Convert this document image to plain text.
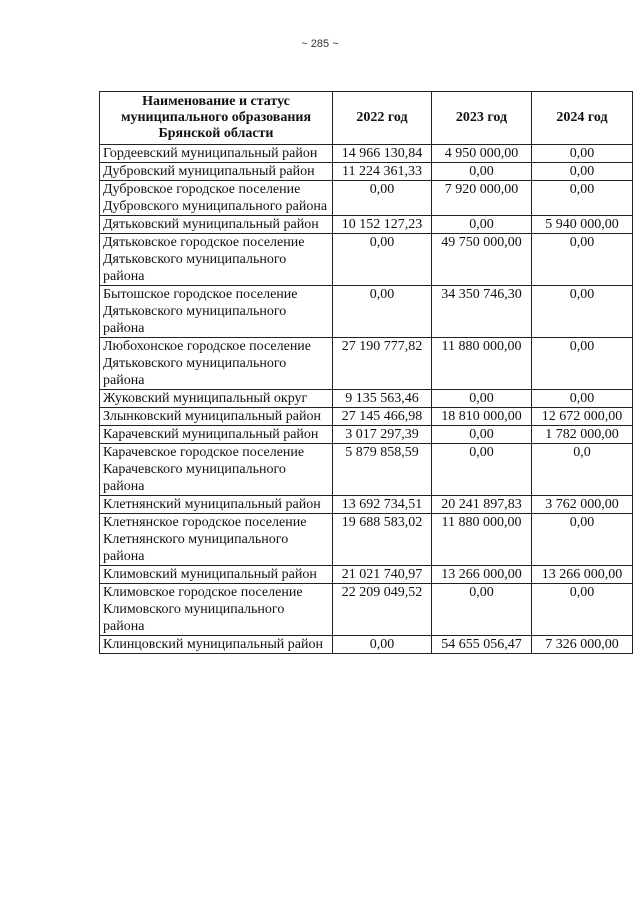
~ 285 ~
Наименование и статус муниципального образования Брянской области	2022 год	2023 год	2024 год
Гордеевский муниципальный район	14 966 130,84	4 950 000,00	0,00
Дубровский муниципальный район	11 224 361,33	0,00	0,00
Дубровское городское поселение Дубровского муниципального района	0,00	7 920 000,00	0,00
Дятьковский муниципальный район	10 152 127,23	0,00	5 940 000,00
Дятьковское городское поселение Дятьковского муниципального района	0,00	49 750 000,00	0,00
Бытошское городское поселение Дятьковского муниципального района	0,00	34 350 746,30	0,00
Любохонское городское поселение Дятьковского муниципального района	27 190 777,82	11 880 000,00	0,00
Жуковский муниципальный округ	9 135 563,46	0,00	0,00
Злынковский муниципальный район	27 145 466,98	18 810 000,00	12 672 000,00
Карачевский муниципальный район	3 017 297,39	0,00	1 782 000,00
Карачевское городское поселение Карачевского муниципального района	5 879 858,59	0,00	0,0
Клетнянский муниципальный район	13 692 734,51	20 241 897,83	3 762 000,00
Клетнянское городское поселение Клетнянского муниципального района	19 688 583,02	11 880 000,00	0,00
Климовский муниципальный район	21 021 740,97	13 266 000,00	13 266 000,00
Климовское городское поселение Климовского муниципального района	22 209 049,52	0,00	0,00
Клинцовский муниципальный район	0,00	54 655 056,47	7 326 000,00
